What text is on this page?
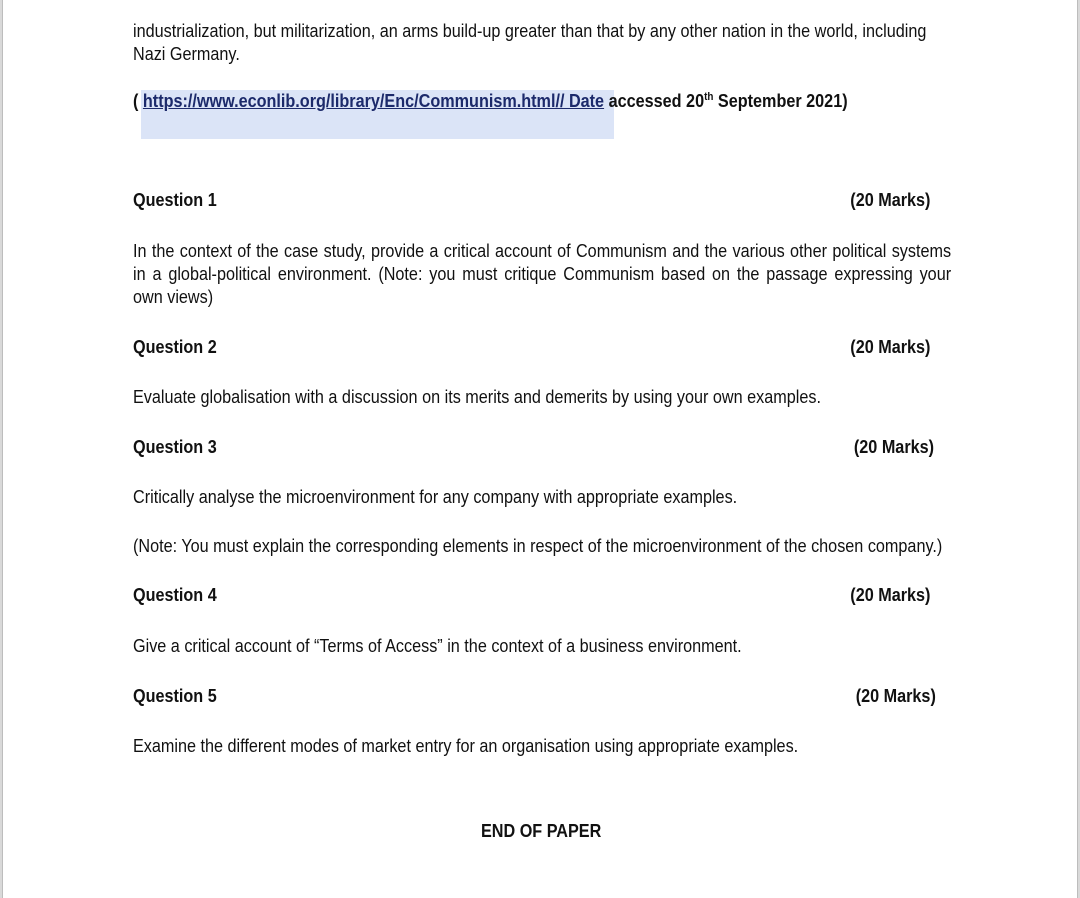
industrialization, but militarization, an arms build-up greater than that by any other nation in the world, including
Nazi Germany.
( https://www.econlib.org/library/Enc/Communism.html// Date accessed 20th September 2021)
Question 1	(20 Marks)
In the context of the case study, provide a critical account of Communism and the various other political systems in a global-political environment. (Note: you must critique Communism based on the passage expressing your own views)
Question 2	(20 Marks)
Evaluate globalisation with a discussion on its merits and demerits by using your own examples.
Question 3	(20 Marks)
Critically analyse the microenvironment for any company with appropriate examples.
(Note: You must explain the corresponding elements in respect of the microenvironment of the chosen company.)
Question 4	(20 Marks)
Give a critical account of “Terms of Access” in the context of a business environment.
Question 5	(20 Marks)
Examine the different modes of market entry for an organisation using appropriate examples.
END OF PAPER
